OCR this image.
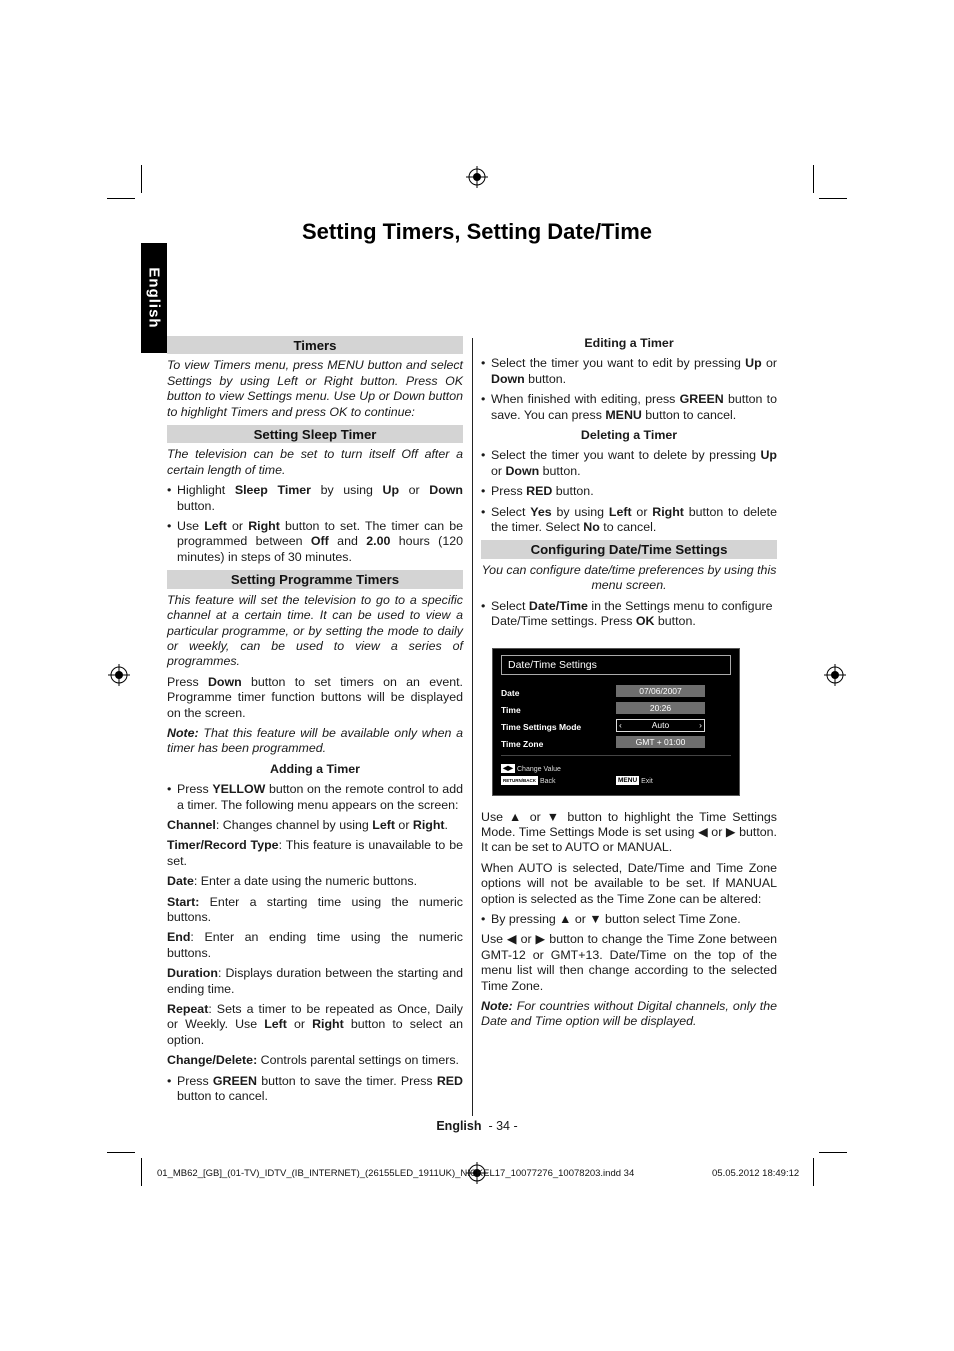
Setting Timers, Setting Date/Time
English
Timers

To view Timers menu, press MENU button and select Settings by using Left or Right button. Press OK button to view Settings menu. Use Up or Down button to highlight Timers and press OK to continue:

Setting Sleep Timer

The television can be set to turn itself Off after a certain length of time.

• Highlight Sleep Timer by using Up or Down button.
• Use Left or Right button to set. The timer can be programmed between Off and 2.00 hours (120 minutes) in steps of 30 minutes.
Setting Programme Timers

This feature will set the television to go to a specific channel at a certain time. It can be used to view a particular programme, or by setting the mode to daily or weekly, can be used to view a series of programmes.

Press Down button to set timers on an event. Programme timer function buttons will be displayed on the screen.

Note: That this feature will be available only when a timer has been programmed.

Adding a Timer
• Press YELLOW button on the remote control to add a timer. The following menu appears on the screen:

Channel: Changes channel by using Left or Right.

Timer/Record Type: This feature is unavailable to be set.

Date: Enter a date using the numeric buttons.

Start: Enter a starting time using the numeric buttons.

End: Enter an ending time using the numeric buttons.

Duration: Displays duration between the starting and ending time.

Repeat: Sets a timer to be repeated as Once, Daily or Weekly. Use Left or Right button to select an option.

Change/Delete: Controls parental settings on timers.

• Press GREEN button to save the timer. Press RED button to cancel.
Editing a Timer
• Select the timer you want to edit by pressing Up or Down button.
• When finished with editing, press GREEN button to save. You can press MENU button to cancel.
Deleting a Timer
• Select the timer you want to delete by pressing Up or Down button.
• Press RED button.
• Select Yes by using Left or Right button to delete the timer. Select No to cancel.
Configuring Date/Time Settings

You can configure date/time preferences by using this menu screen.

• Select Date/Time in the Settings menu to configure Date/Time settings. Press OK button.
Date/Time Settings
Date	07/06/2007
Time	20:26
Time Settings Mode	‹	Auto	›
Time Zone	GMT + 01:00
◀▶ Change Value
RETURN/BACK Back	MENU Exit

Use ▲ or ▼ button to highlight the Time Settings Mode. Time Settings Mode is set using ◀ or ▶ button. It can be set to AUTO or MANUAL.

When AUTO is selected, Date/Time and Time Zone options will not be available to be set. If MANUAL option is selected as the Time Zone can be altered:

• By pressing ▲ or ▼ button select Time Zone.

Use ◀ or ▶ button to change the Time Zone between GMT-12 or GMT+13. Date/Time on the top of the menu list will then change according to the selected Time Zone.

Note: For countries without Digital channels, only the Date and Time option will be displayed.

English - 34 -
01_MB62_[GB]_(01-TV)_IDTV_(IB_INTERNET)_(26155LED_1911UK)_NICKEL17_10077276_10078203.indd 34	05.05.2012 18:49:12
